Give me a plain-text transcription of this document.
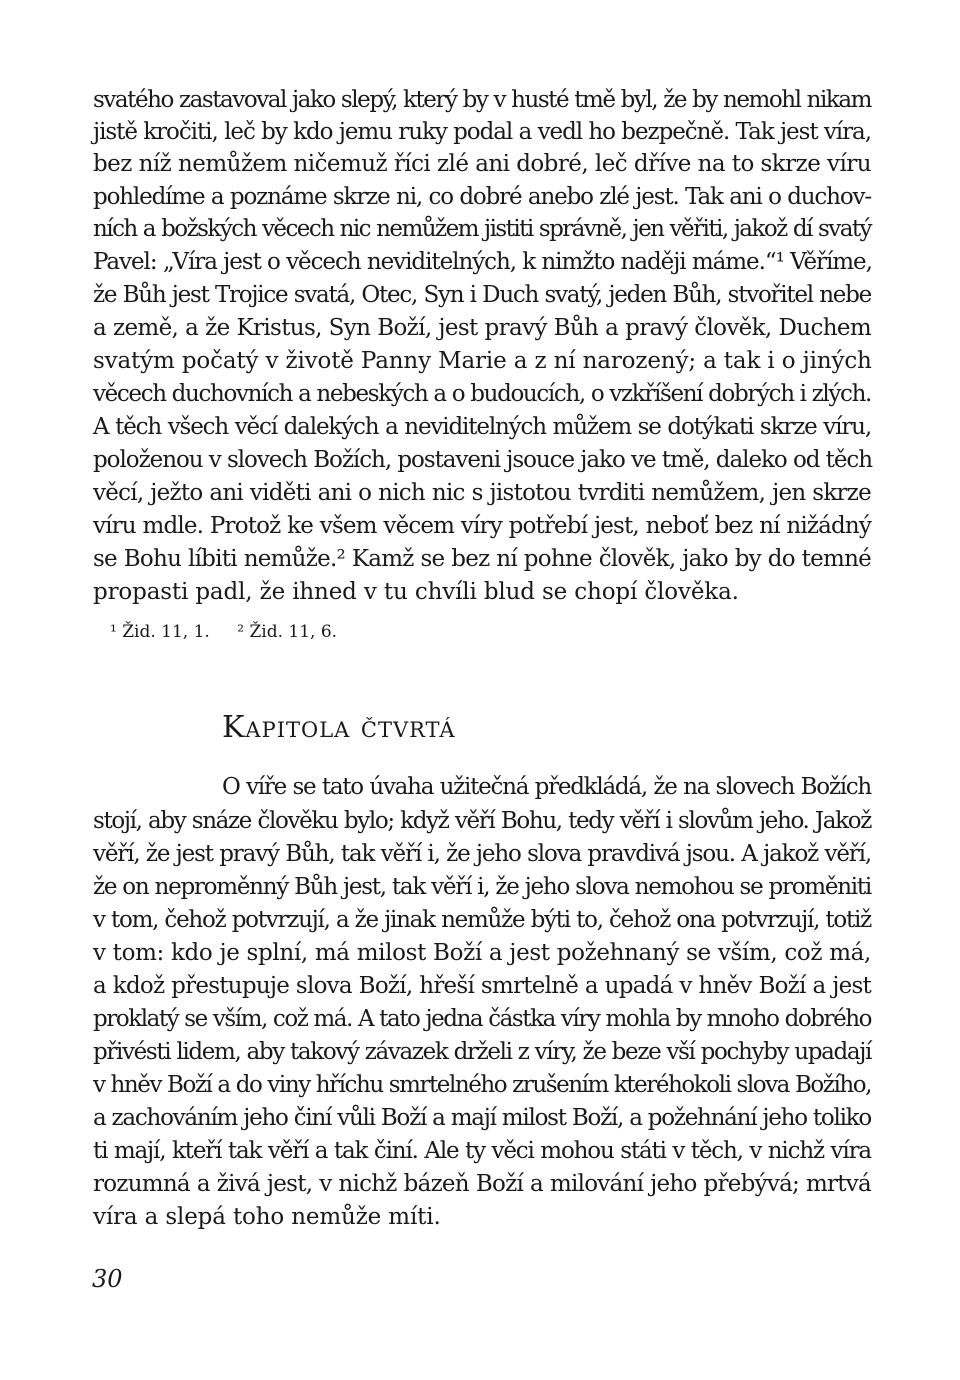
svatého zastavoval jako slepý, který by v husté tmě byl, že by nemohl nikam
jistě kročiti, leč by kdo jemu ruky podal a vedl ho bezpečně. Tak jest víra,
bez níž nemůžem ničemuž říci zlé ani dobré, leč dříve na to skrze víru
pohledíme a poznáme skrze ni, co dobré anebo zlé jest. Tak ani o duchov-
ních a božských věcech nic nemůžem jistiti správně, jen věřiti, jakož dí svatý
Pavel: „Víra jest o věcech neviditelných, k nimžto naději máme.“¹ Věříme,
že Bůh jest Trojice svatá, Otec, Syn i Duch svatý, jeden Bůh, stvořitel nebe
a země, a že Kristus, Syn Boží, jest pravý Bůh a pravý člověk, Duchem
svatým počatý v životě Panny Marie a z ní narozený; a tak i o jiných
věcech duchovních a nebeských a o budoucích, o vzkříšení dobrých i zlých.
A těch všech věcí dalekých a neviditelných můžem se dotýkati skrze víru,
položenou v slovech Božích, postaveni jsouce jako ve tmě, daleko od těch
věcí, ježto ani viděti ani o nich nic s jistotou tvrditi nemůžem, jen skrze
víru mdle. Protož ke všem věcem víry potřebí jest, neboť bez ní nižádný
se Bohu líbiti nemůže.² Kamž se bez ní pohne člověk, jako by do temné
propasti padl, že ihned v tu chvíli blud se chopí člověka.
¹ Žid. 11, 1. ² Žid. 11, 6.
Kapitola čtvrtá
O víře se tato úvaha užitečná předkládá, že na slovech Božích
stojí, aby snáze člověku bylo; když věří Bohu, tedy věří i slovům jeho. Jakož
věří, že jest pravý Bůh, tak věří i, že jeho slova pravdivá jsou. A jakož věří,
že on neproměnný Bůh jest, tak věří i, že jeho slova nemohou se proměniti
v tom, čehož potvrzují, a že jinak nemůže býti to, čehož ona potvrzují, totiž
v tom: kdo je splní, má milost Boží a jest požehnaný se vším, což má,
a kdož přestupuje slova Boží, hřeší smrtelně a upadá v hněv Boží a jest
proklatý se vším, což má. A tato jedna částka víry mohla by mnoho dobrého
přivésti lidem, aby takový závazek drželi z víry, že beze vší pochyby upadají
v hněv Boží a do viny hříchu smrtelného zrušením kteréhokoli slova Božího,
a zachováním jeho činí vůli Boží a mají milost Boží, a požehnání jeho toliko
ti mají, kteří tak věří a tak činí. Ale ty věci mohou státi v těch, v nichž víra
rozumná a živá jest, v nichž bázeň Boží a milování jeho přebývá; mrtvá
víra a slepá toho nemůže míti.
30
